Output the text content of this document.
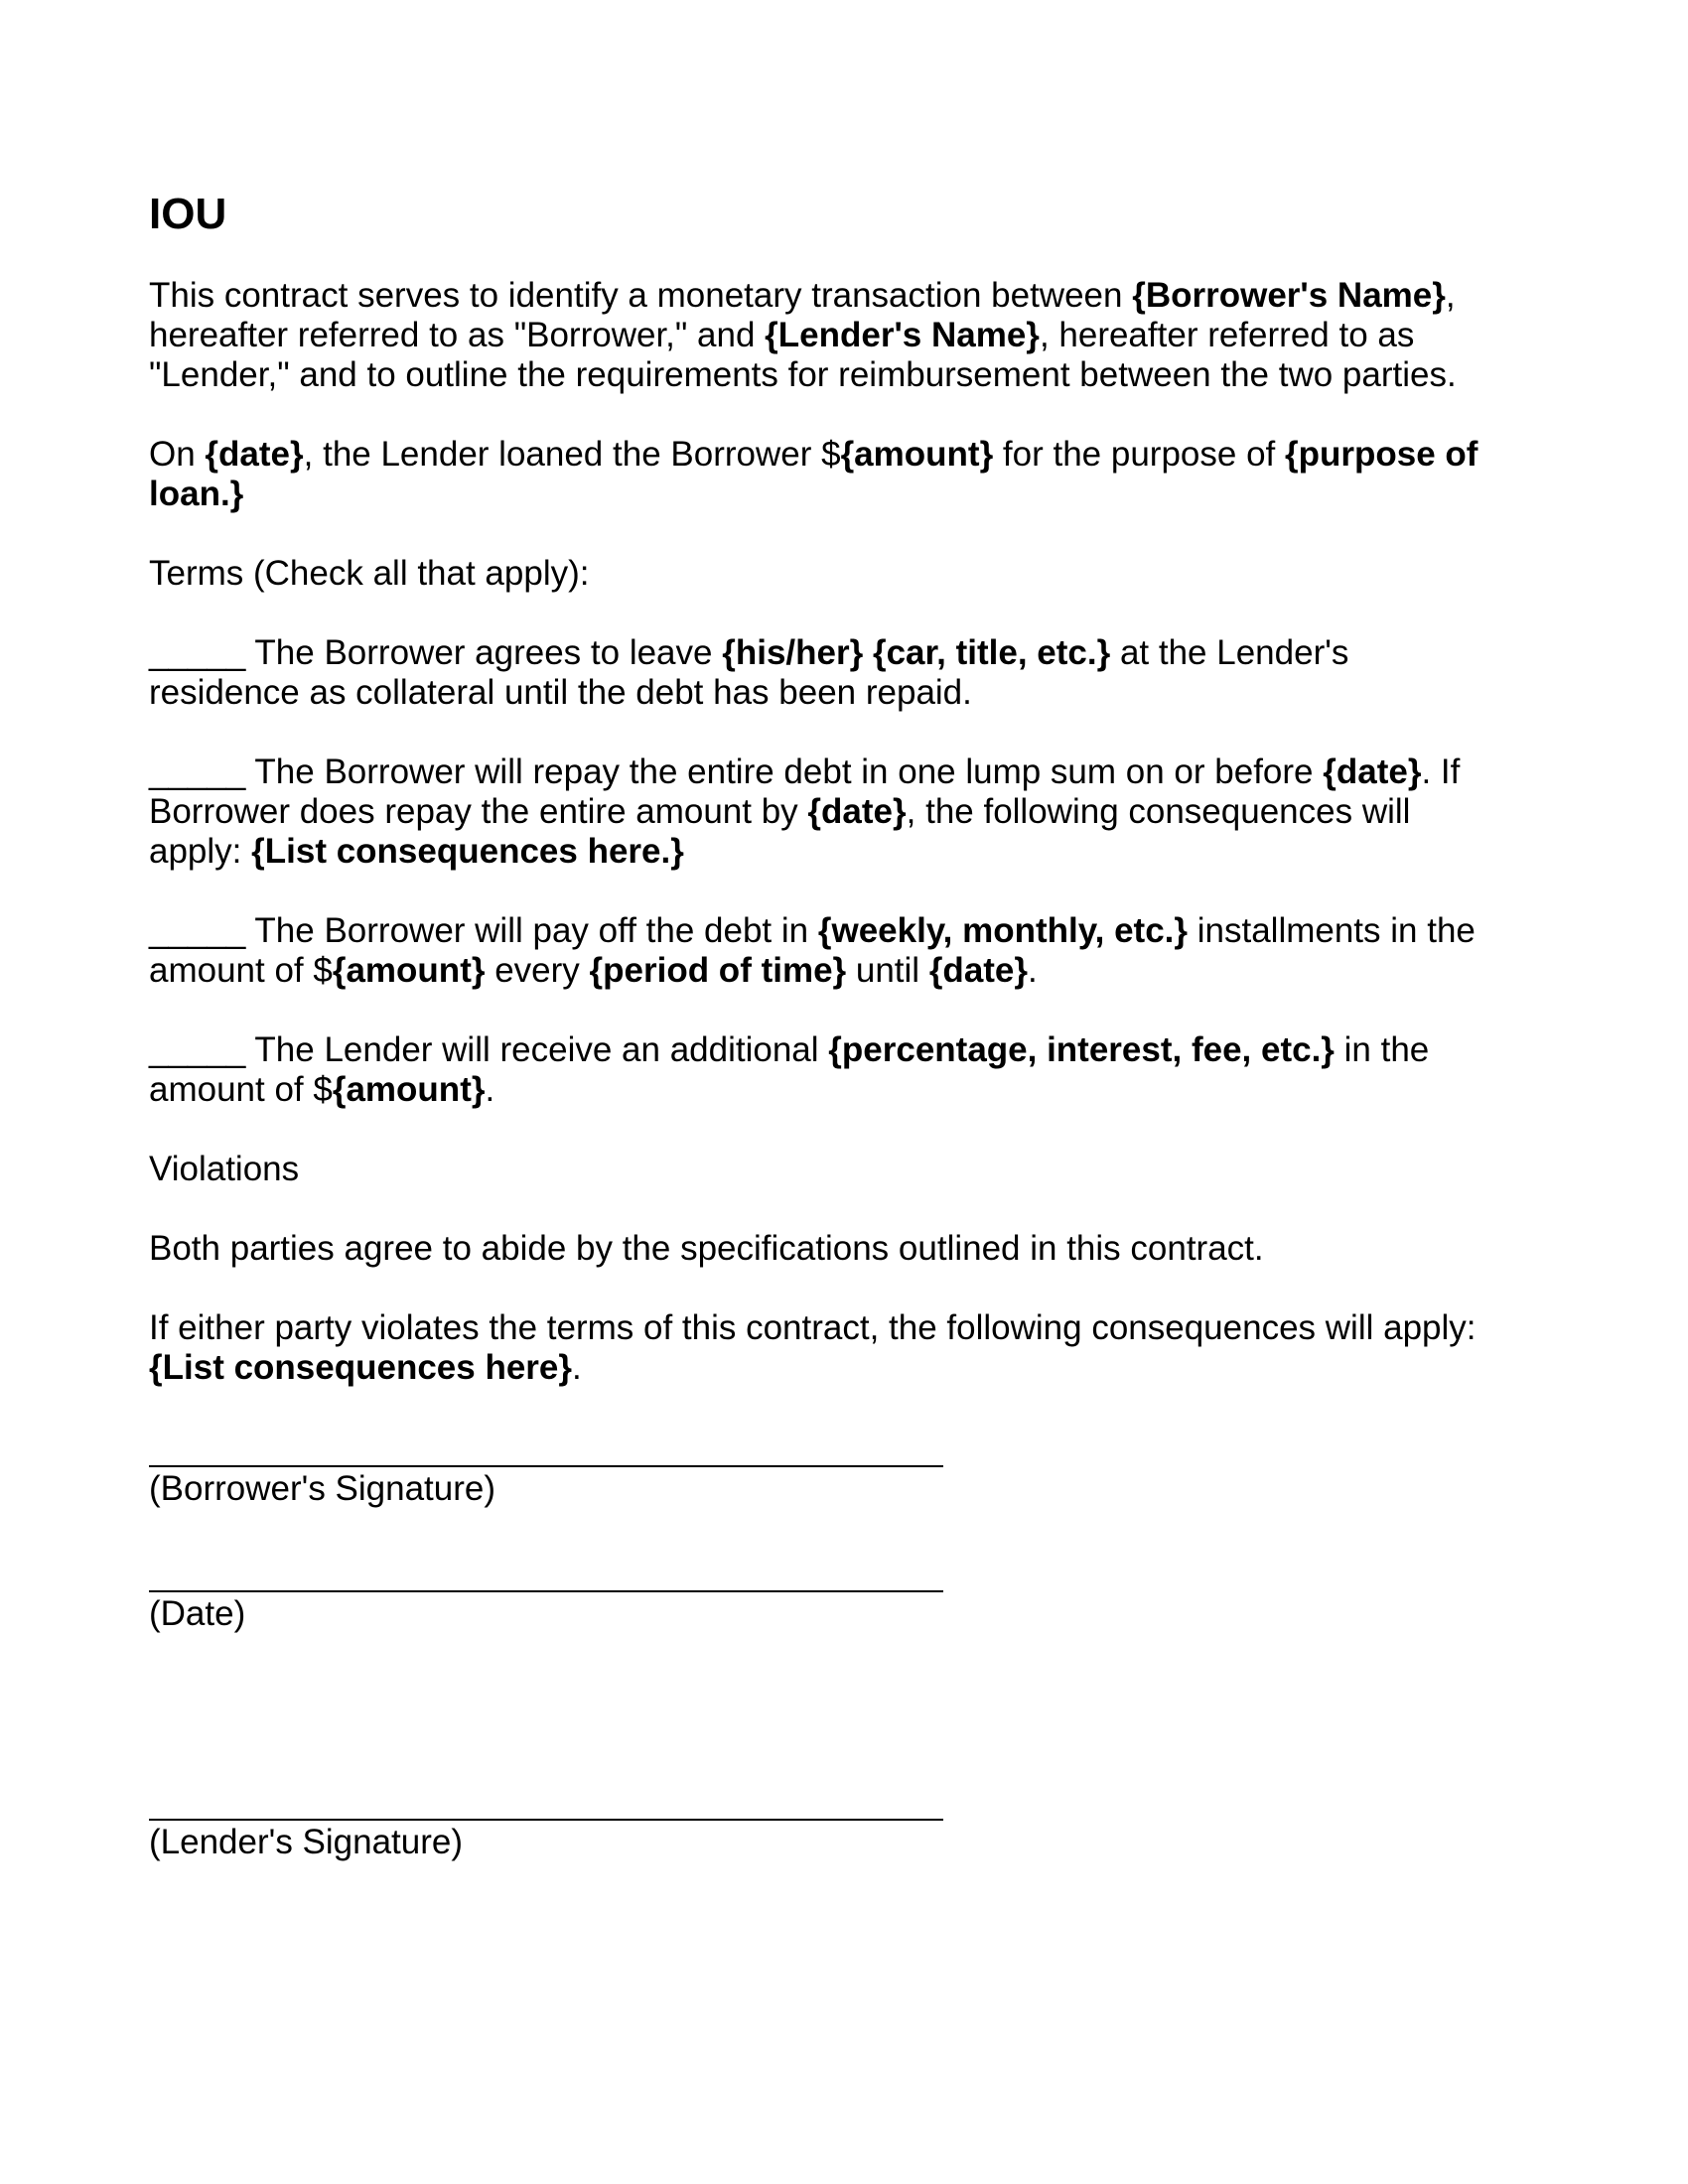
IOU

This contract serves to identify a monetary transaction between {Borrower's Name}, hereafter referred to as "Borrower," and {Lender's Name}, hereafter referred to as "Lender," and to outline the requirements for reimbursement between the two parties.

On {date}, the Lender loaned the Borrower ${amount} for the purpose of {purpose of loan.}

Terms (Check all that apply):

_____ The Borrower agrees to leave {his/her} {car, title, etc.} at the Lender's residence as collateral until the debt has been repaid.

_____ The Borrower will repay the entire debt in one lump sum on or before {date}. If Borrower does repay the entire amount by {date}, the following consequences will apply: {List consequences here.}

_____ The Borrower will pay off the debt in {weekly, monthly, etc.} installments in the amount of ${amount} every {period of time} until {date}.

_____ The Lender will receive an additional {percentage, interest, fee, etc.} in the amount of ${amount}.

Violations

Both parties agree to abide by the specifications outlined in this contract.

If either party violates the terms of this contract, the following consequences will apply: {List consequences here}.

(Borrower's Signature)
(Date)
(Lender's Signature)
